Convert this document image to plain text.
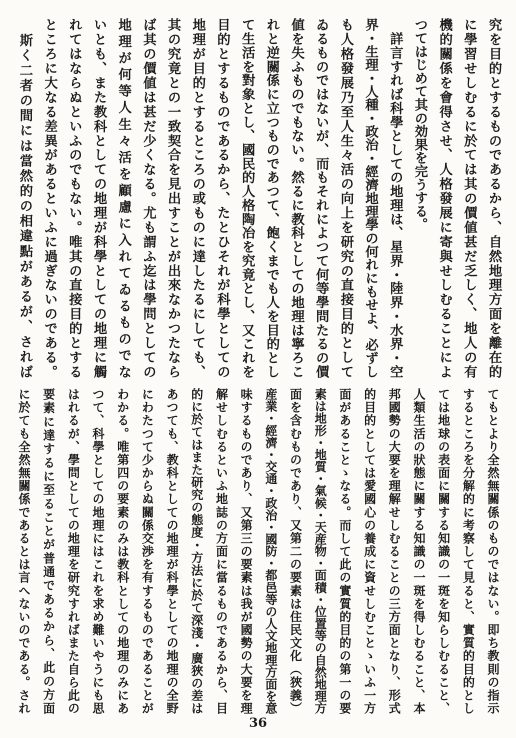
究を目的とするものであるから、自然地理方面を離在的
に學習せしむるに於ては其の價値甚だ乏しく、地人の有
機的關係を會得させ、人格發展に寄與せしむることによ
つてはじめて其の効果を完うする。
　詳言すれば科學としての地理は、星界・陸界・水界・空
界・生理・人種・政治・經濟地理學の何れにもせよ、必ずし
も人格發展乃至人生々活の向上を研究の直接目的として
ゐるものではないが、而もそれによつて何等學問たるの價
値を失ふものでもない。然るに教科としての地理は寧ろこ
れと逆關係に立つものであつて、飽くまでも人を目的とし
て生活を對象とし、國民的人格陶冶を究竟とし、又これを
目的とするものであるから、たとひそれが科學としての
地理が目的とするところの或ものに達したるにしても、
其の究竟との一致契合を見出すことが出來なかつたなら
ば其の價値は甚だ少くなる。尤も謂ふ迄は學問としての
地理が何等人生々活を顧慮に入れてゐるものでな
いとも、また教科としての地理が科學としての地理に觸
れてはならぬといふのでもない。唯其の直接目的とする
ところに大なる差異があるといふに過ぎないのである。
　斯く二者の間には當然的の相違點があるが、されば
てもとより全然無關係のものではない。即ち教則の指示
するところを分解的に考察して見ると、實質的目的とし
ては地球の表面に關する知識の一斑を知らしむること、
人類生活の狀態に關する知識の一斑を得しむること、本
邦國勢の大要を理解せしむることの三方面となり、形式
的目的としては愛國心の養成に資せしむことゝいふ一方
面があることゝなる。而して此の實質的目的の第一の要
素は地形・地質・氣候・天産物・面積・位置等の自然地理方
面を含むものであり、又第二の要素は住民文化（狹義）
産業・經濟・交通・政治・國防・都邑等の人文地理方面を意
味するものであり、又第三の要素は我が國勢の大要を理
解せしむるといふ地誌の方面に當るものであるから、目
的に於てはまた研究の態度・方法に於て深淺・廣狹の差は
あつても、教科としての地理が科學としての地理の全野
にわたつて少からぬ關係交渉を有するものであることが
わかる。唯第四の要素のみは教科としての地理のみにあ
つて、科學としての地理にはこれを求め難いやうにも思
はれるが、學問としての地理を研究すればまた自ら此の
要素に達するに至ることが普通であるから、此の方面
に於ても全然無關係であるとは言へないのである。され
36
